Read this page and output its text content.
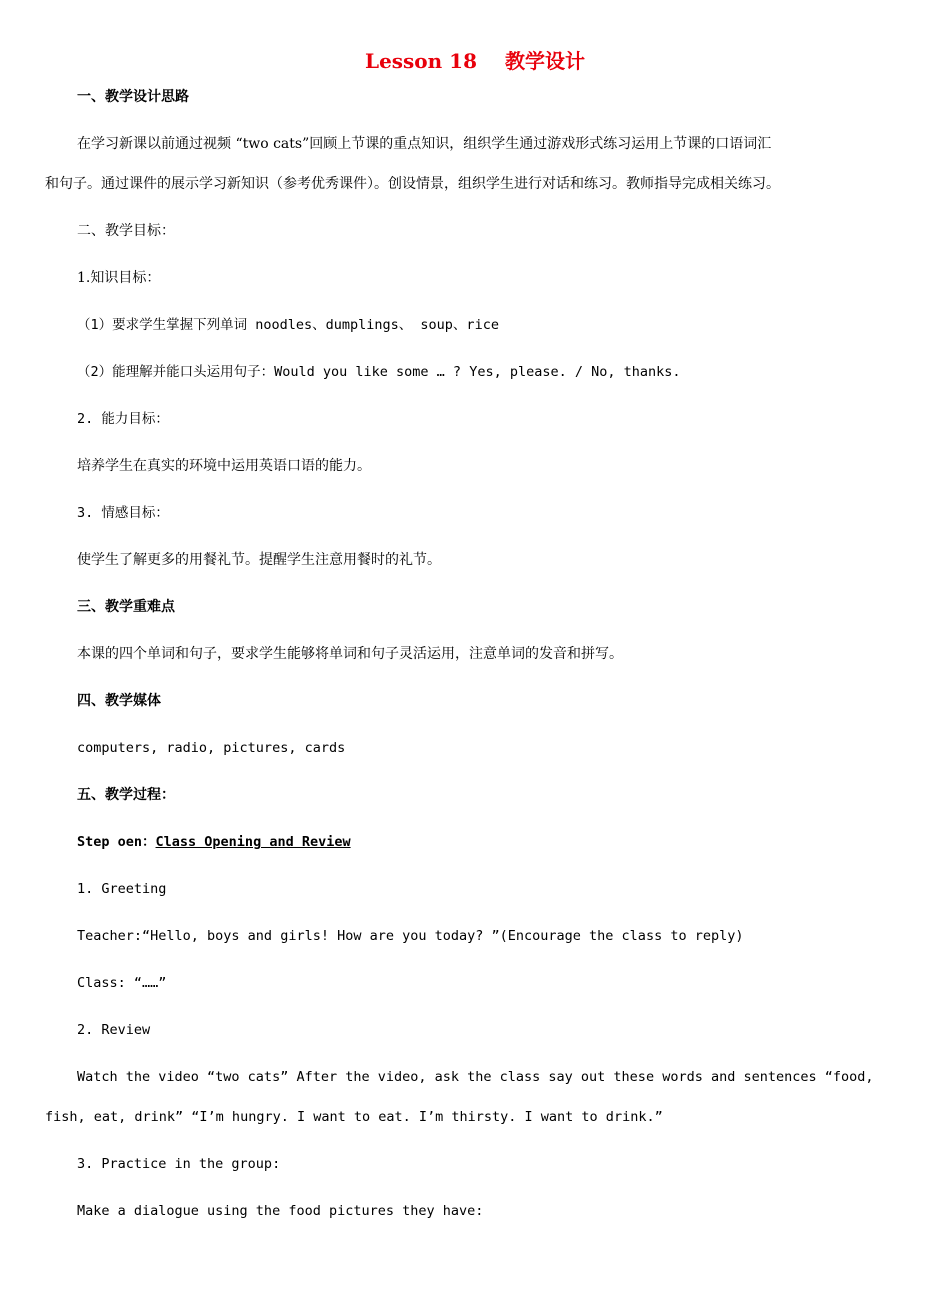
Lesson 18 教学设计
一、教学设计思路
在学习新课以前通过视频 “two cats”回顾上节课的重点知识，组织学生通过游戏形式练习运用上节课的口语词汇
和句子。通过课件的展示学习新知识（参考优秀课件）。创设情景，组织学生进行对话和练习。教师指导完成相关练习。
二、教学目标：
1.知识目标：
（1）要求学生掌握下列单词 noodles、dumplings、 soup、rice
（2）能理解并能口头运用句子：Would you like some … ? Yes, please. / No, thanks.
2. 能力目标：
培养学生在真实的环境中运用英语口语的能力。
3. 情感目标：
使学生了解更多的用餐礼节。提醒学生注意用餐时的礼节。
三、教学重难点
本课的四个单词和句子，要求学生能够将单词和句子灵活运用，注意单词的发音和拼写。
四、教学媒体
computers, radio, pictures, cards
五、教学过程：
Step oen：Class Opening and Review
1. Greeting
Teacher:“Hello, boys and girls! How are you today? ”(Encourage the class to reply)
Class: “……”
2. Review
Watch the video “two cats” After the video, ask the class say out these words and sentences “food,
fish, eat, drink” “I’m hungry. I want to eat. I’m thirsty. I want to drink.”
3. Practice in the group:
Make a dialogue using the food pictures they have:
